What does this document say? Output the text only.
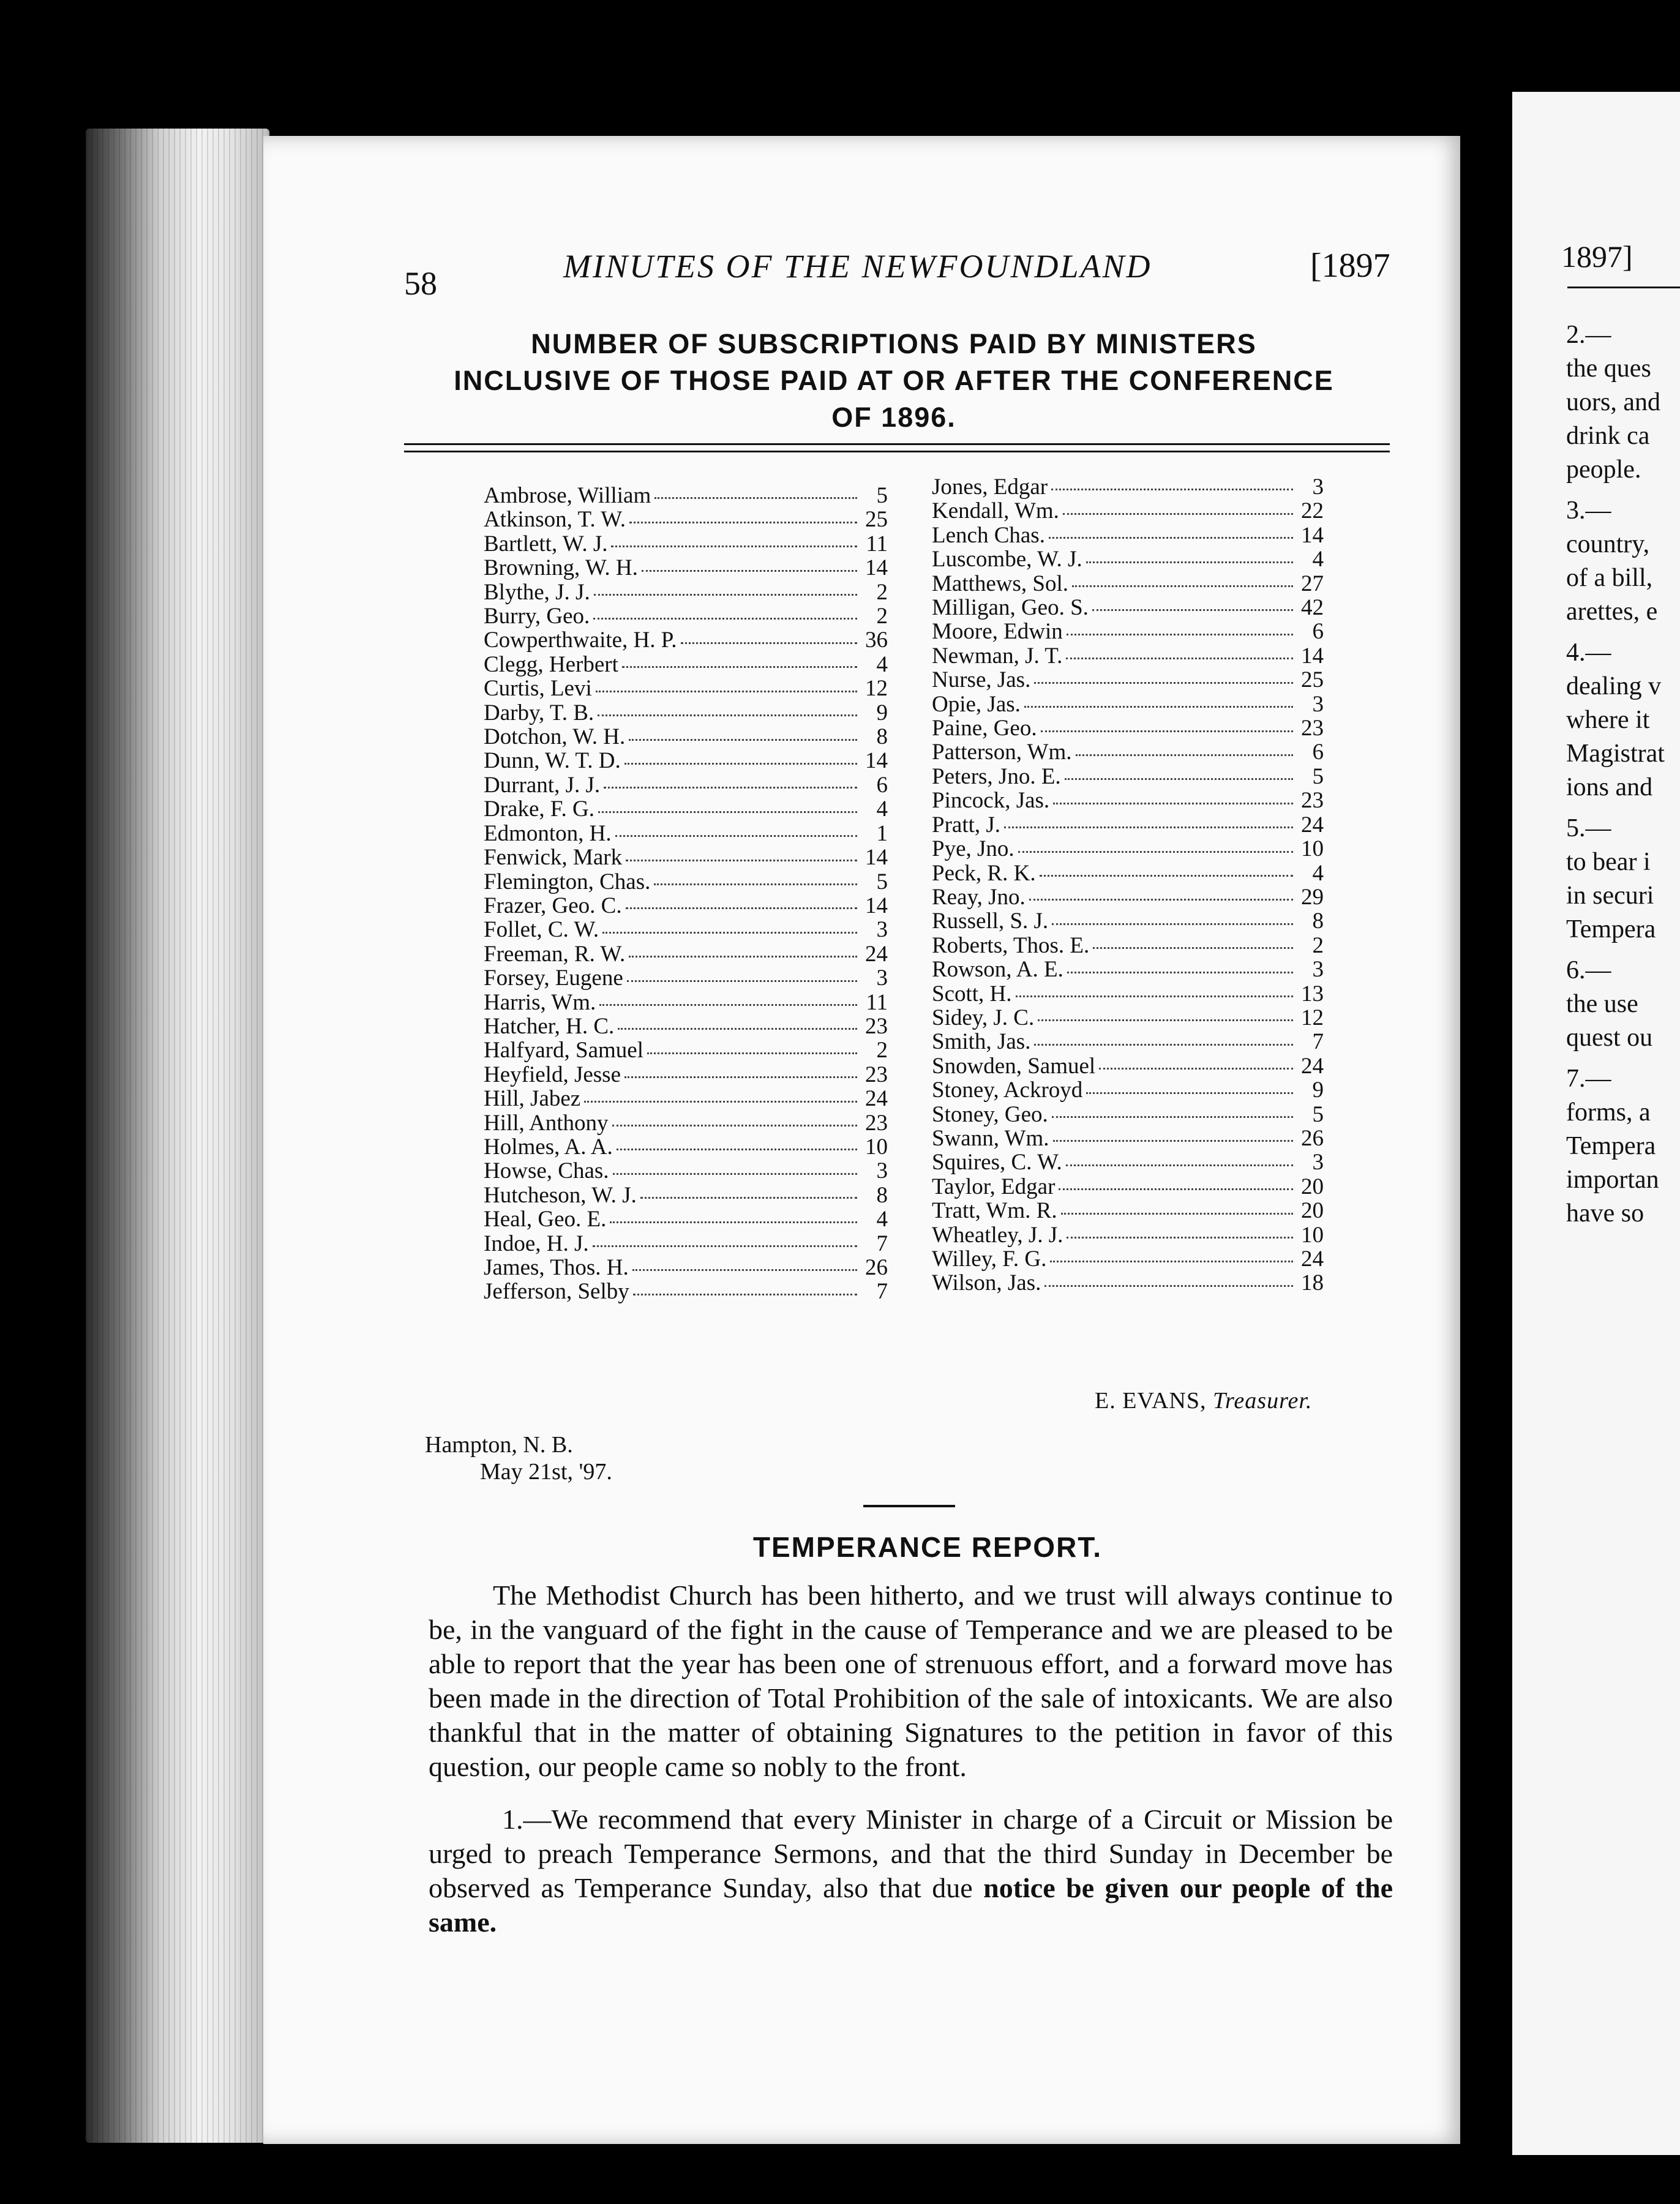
1897]
2.—
the ques
uors, and
drink ca
people.
3.—
country,
of a bill,
arettes, e
4.—
dealing v
where it
Magistrat
ions and
5.—
to bear i
in securi
Tempera
6.—
the use
quest ou
7.—
forms, a
Tempera
importan
have so
58	MINUTES OF THE NEWFOUNDLAND	[1897
NUMBER OF SUBSCRIPTIONS PAID BY MINISTERS
INCLUSIVE OF THOSE PAID AT OR AFTER THE CONFERENCE
OF 1896.
Ambrose, William	5
Atkinson, T. W.	25
Bartlett, W. J.	11
Browning, W. H.	14
Blythe, J. J.	2
Burry, Geo.	2
Cowperthwaite, H. P.	36
Clegg, Herbert	4
Curtis, Levi	12
Darby, T. B.	9
Dotchon, W. H.	8
Dunn, W. T. D.	14
Durrant, J. J.	6
Drake, F. G.	4
Edmonton, H.	1
Fenwick, Mark	14
Flemington, Chas.	5
Frazer, Geo. C.	14
Follet, C. W.	3
Freeman, R. W.	24
Forsey, Eugene	3
Harris, Wm.	11
Hatcher, H. C.	23
Halfyard, Samuel	2
Heyfield, Jesse	23
Hill, Jabez	24
Hill, Anthony	23
Holmes, A. A.	10
Howse, Chas.	3
Hutcheson, W. J.	8
Heal, Geo. E.	4
Indoe, H. J.	7
James, Thos. H.	26
Jefferson, Selby	7
Jones, Edgar	3
Kendall, Wm.	22
Lench Chas.	14
Luscombe, W. J.	4
Matthews, Sol.	27
Milligan, Geo. S.	42
Moore, Edwin	6
Newman, J. T.	14
Nurse, Jas.	25
Opie, Jas.	3
Paine, Geo.	23
Patterson, Wm.	6
Peters, Jno. E.	5
Pincock, Jas.	23
Pratt, J.	24
Pye, Jno.	10
Peck, R. K.	4
Reay, Jno.	29
Russell, S. J.	8
Roberts, Thos. E.	2
Rowson, A. E.	3
Scott, H.	13
Sidey, J. C.	12
Smith, Jas.	7
Snowden, Samuel	24
Stoney, Ackroyd	9
Stoney, Geo.	5
Swann, Wm.	26
Squires, C. W.	3
Taylor, Edgar	20
Tratt, Wm. R.	20
Wheatley, J. J.	10
Willey, F. G.	24
Wilson, Jas.	18
E. EVANS, Treasurer.
Hampton, N. B.
May 21st, '97.
TEMPERANCE REPORT.

The Methodist Church has been hitherto, and we trust will always continue to be, in the vanguard of the fight in the cause of Temperance and we are pleased to be able to report that the year has been one of strenuous effort, and a forward move has been made in the direction of Total Prohibition of the sale of intoxicants. We are also thankful that in the matter of obtaining Signatures to the petition in favor of this question, our people came so nobly to the front.

1.—We recommend that every Minister in charge of a Circuit or Mission be urged to preach Temperance Sermons, and that the third Sunday in December be observed as Temperance Sunday, also that due notice be given our people of the same.
